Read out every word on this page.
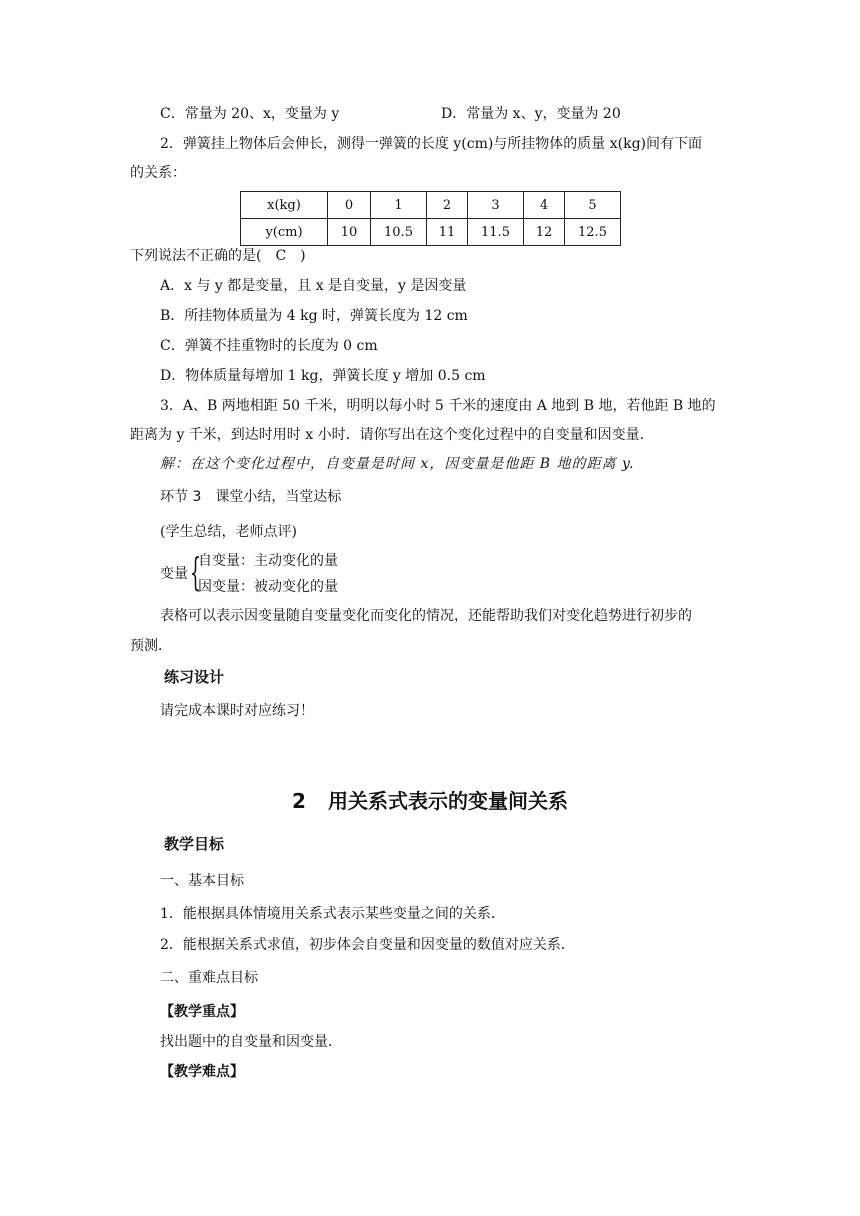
C．常量为 20、x，变量为 y	D．常量为 x、y，变量为 20
2．弹簧挂上物体后会伸长，测得一弹簧的长度 y(cm)与所挂物体的质量 x(kg)间有下面
的关系：
x(kg)	0	1	2	3	4	5
y(cm)	10	10.5	11	11.5	12	12.5
下列说法不正确的是(　C　)
A．x 与 y 都是变量，且 x 是自变量，y 是因变量
B．所挂物体质量为 4 kg 时，弹簧长度为 12 cm
C．弹簧不挂重物时的长度为 0 cm
D．物体质量每增加 1 kg，弹簧长度 y 增加 0.5 cm
3．A、B 两地相距 50 千米，明明以每小时 5 千米的速度由 A 地到 B 地，若他距 B 地的
距离为 y 千米，到达时用时 x 小时．请你写出在这个变化过程中的自变量和因变量．
解：在这个变化过程中，自变量是时间 x，因变量是他距 B 地的距离 y.
环节 3　课堂小结，当堂达标
(学生总结，老师点评)
变量 {
自变量：主动变化的量
因变量：被动变化的量
表格可以表示因变量随自变量变化而变化的情况，还能帮助我们对变化趋势进行初步的
预测．
练习设计
请完成本课时对应练习！
2 用关系式表示的变量间关系
教学目标
一、基本目标
1．能根据具体情境用关系式表示某些变量之间的关系．
2．能根据关系式求值，初步体会自变量和因变量的数值对应关系．
二、重难点目标
【教学重点】
找出题中的自变量和因变量．
【教学难点】
